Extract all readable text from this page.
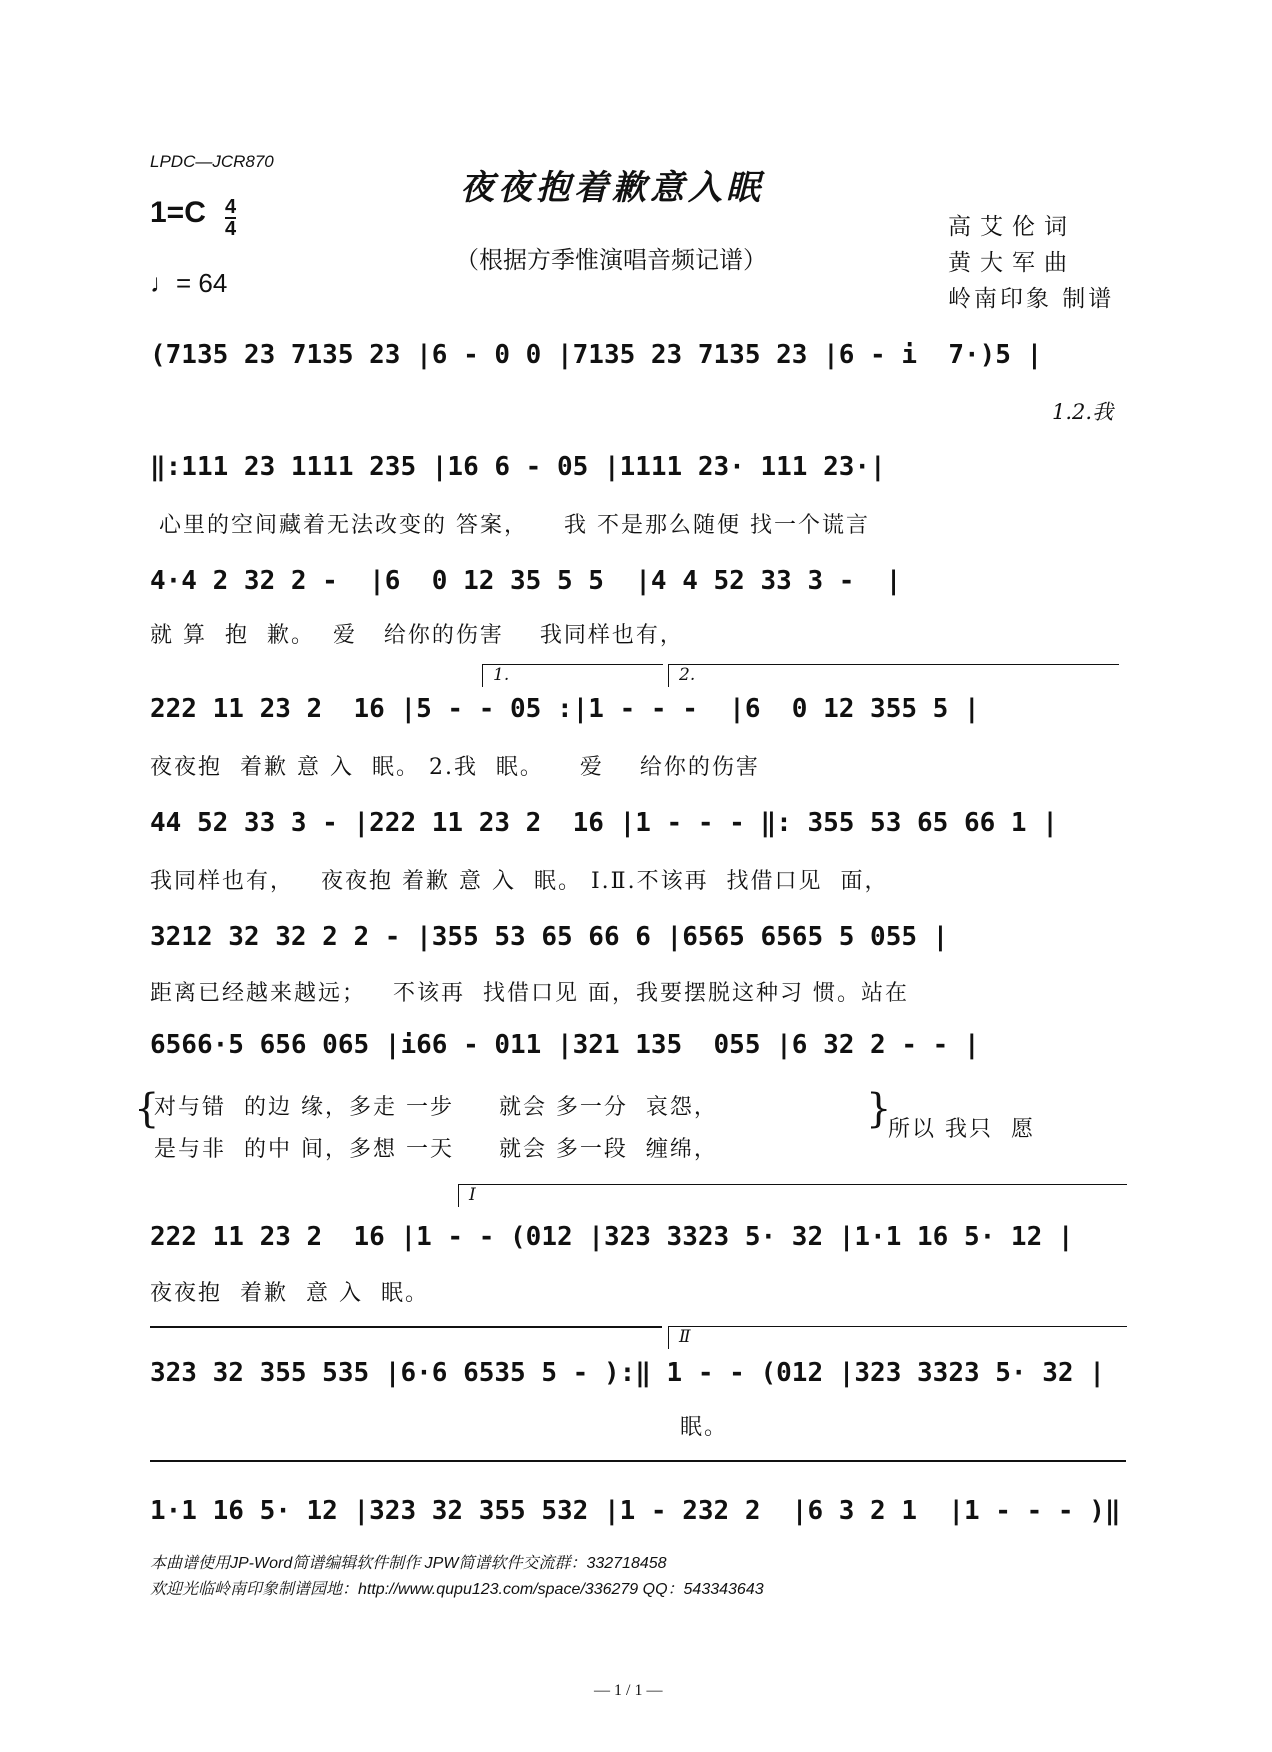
LPDC—JCR870
夜夜抱着歉意入眠
（根据方季惟演唱音频记谱）
$1=C \frac{4}{4}$
♩= 64
高艾伦词
黄大军曲
岭南印象 制谱
(7135 23 7135 23 |6 - 0 0 |7135 23 7135 23 |6 - i  7·)5 |
1.2.我
‖:111 23 1111 235 |16 6 - 05 |1111 23· 111 23·|
心里的空间藏着无法改变的 答案，    我 不是那么随便 找一个谎言
4·4 2 32 2 -  |6  0 12 35 5 5  |4 4 52 33 3 -  |
就 算  抱  歉。  爱   给你的伤害    我同样也有，
1.	2.
222 11 23 2  16 |5 - - 05 :|1 - - -  |6  0 12 355 5 |
夜夜抱  着歉 意 入  眠。 2.我  眠。    爱    给你的伤害
44 52 33 3 - |222 11 23 2  16 |1 - - - ‖: 355 53 65 66 1 |
我同样也有，   夜夜抱 着歉 意 入  眠。 Ⅰ.Ⅱ.不该再  找借口见  面，
3212 32 32 2 2 - |355 53 65 66 6 |6565 6565 5 055 |
距离已经越来越远；   不该再  找借口见 面，我要摆脱这种习 惯。站在
6566·5 656 065 |i66 - 011 |321 135  055 |6 32 2 - - |
{
对与错  的边 缘，多走 一步     就会 多一分  哀怨，
是与非  的中 间，多想 一天     就会 多一段  缠绵，
}
所以 我只  愿
Ⅰ
222 11 23 2  16 |1 - - (012 |323 3323 5· 32 |1·1 16 5· 12 |
夜夜抱  着歉  意 入  眠。
Ⅱ
323 32 355 535 |6·6 6535 5 - ):‖ 1 - - (012 |323 3323 5· 32 |
眠。
1·1 16 5· 12 |323 32 355 532 |1 - 232 2  |6 3 2 1  |1 - - - )‖
本曲谱使用JP-Word简谱编辑软件制作 JPW简谱软件交流群：332718458
欢迎光临岭南印象制谱园地：http://www.qupu123.com/space/336279 QQ：543343643
— 1 / 1 —
